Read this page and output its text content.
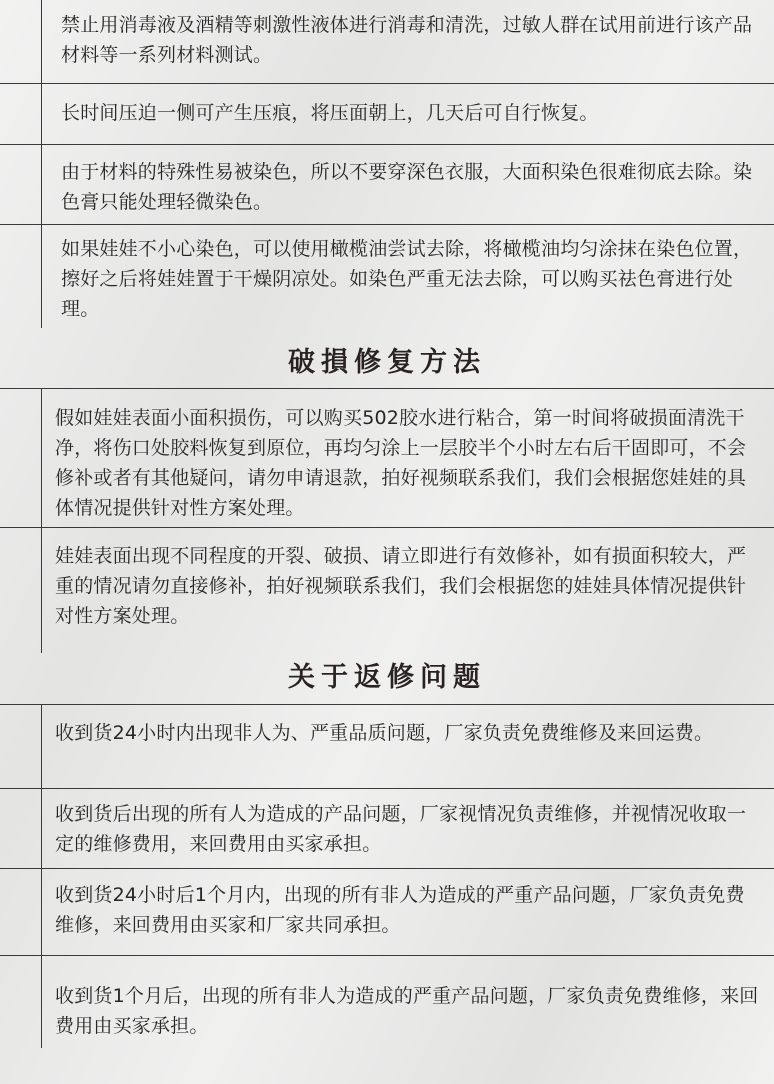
禁止用消毒液及酒精等刺激性液体进行消毒和清洗，过敏人群在试用前进行该产品材料等一系列材料测试。

长时间压迫一侧可产生压痕，将压面朝上，几天后可自行恢复。

由于材料的特殊性易被染色，所以不要穿深色衣服，大面积染色很难彻底去除。染色膏只能处理轻微染色。

如果娃娃不小心染色，可以使用橄榄油尝试去除，将橄榄油均匀涂抹在染色位置，擦好之后将娃娃置于干燥阴凉处。如染色严重无法去除，可以购买祛色膏进行处理。

破損修复方法

假如娃娃表面小面积损伤，可以购买502胶水进行粘合，第一时间将破损面清洗干净，将伤口处胶料恢复到原位，再均匀涂上一层胶半个小时左右后干固即可，不会修补或者有其他疑问，请勿申请退款，拍好视频联系我们，我们会根据您娃娃的具体情况提供针对性方案处理。

娃娃表面出现不同程度的开裂、破损、请立即进行有效修补，如有损面积较大，严重的情况请勿直接修补，拍好视频联系我们，我们会根据您的娃娃具体情况提供针对性方案处理。

关于返修问题

收到货24小时内出现非人为、严重品质问题，厂家负责免费维修及来回运费。

收到货后出现的所有人为造成的产品问题，厂家视情况负责维修，并视情况收取一定的维修费用，来回费用由买家承担。

收到货24小时后1个月内，出现的所有非人为造成的严重产品问题，厂家负责免费维修，来回费用由买家和厂家共同承担。

收到货1个月后，出现的所有非人为造成的严重产品问题，厂家负责免费维修，来回费用由买家承担。
